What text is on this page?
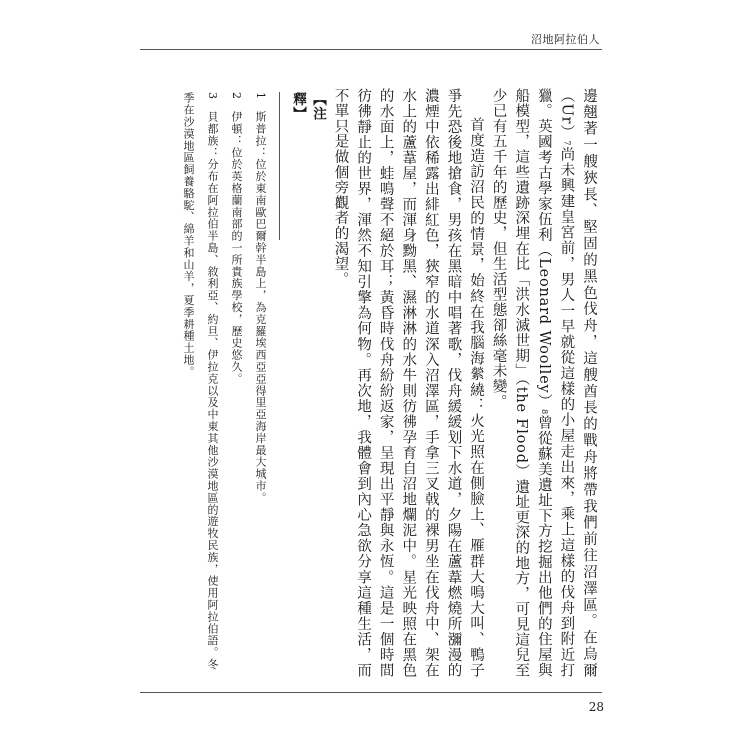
沼地阿拉伯人

邊翹著一艘狹長、堅固的黑色伐舟，這艘酋長的戰舟將帶我們前往沼澤區。在烏爾（Ur）7尚未興建皇宮前，男人一早就從這樣的小屋走出來，乘上這樣的伐舟到附近打獵。英國考古學家伍利（Leonard Woolley）8曾從蘇美遺址下方挖掘出他們的住屋與船模型，這些遺跡深埋在比「洪水滅世期」（the Flood）遺址更深的地方，可見這兒至少已有五千年的歷史，但生活型態卻絲毫未變。

首度造訪沼民的情景，始終在我腦海縈繞：火光照在側臉上、雁群大鳴大叫、鴨子爭先恐後地搶食，男孩在黑暗中唱著歌，伐舟緩緩划下水道，夕陽在蘆葦燃燒所瀰漫的濃煙中依稀露出緋紅色，狹窄的水道深入沼澤區，手拿三叉戟的裸男坐在伐舟中、架在水上的蘆葦屋，而渾身黝黑、濕淋淋的水牛則彷彿孕育自沼地爛泥中。星光映照在黑色的水面上，蛙鳴聲不絕於耳；黃昏時伐舟紛紛返家，呈現出平靜與永恆。這是一個時間彷彿靜止的世界，渾然不知引擎為何物。再次地，我體會到內心急欲分享這種生活，而不單只是做個旁觀者的渴望。

【注釋】

1　斯普拉：位於東南歐巴爾幹半島上，為克羅埃西亞亞得里亞海岸最大城市。

2　伊頓：位於英格蘭南部的一所貴族學校，歷史悠久。

3　貝都族：分布在阿拉伯半島、敘利亞、約旦、伊拉克以及中東其他沙漠地區的遊牧民族，使用阿拉伯語。冬季在沙漠地區飼養駱駝、綿羊和山羊，夏季耕種土地。

28
